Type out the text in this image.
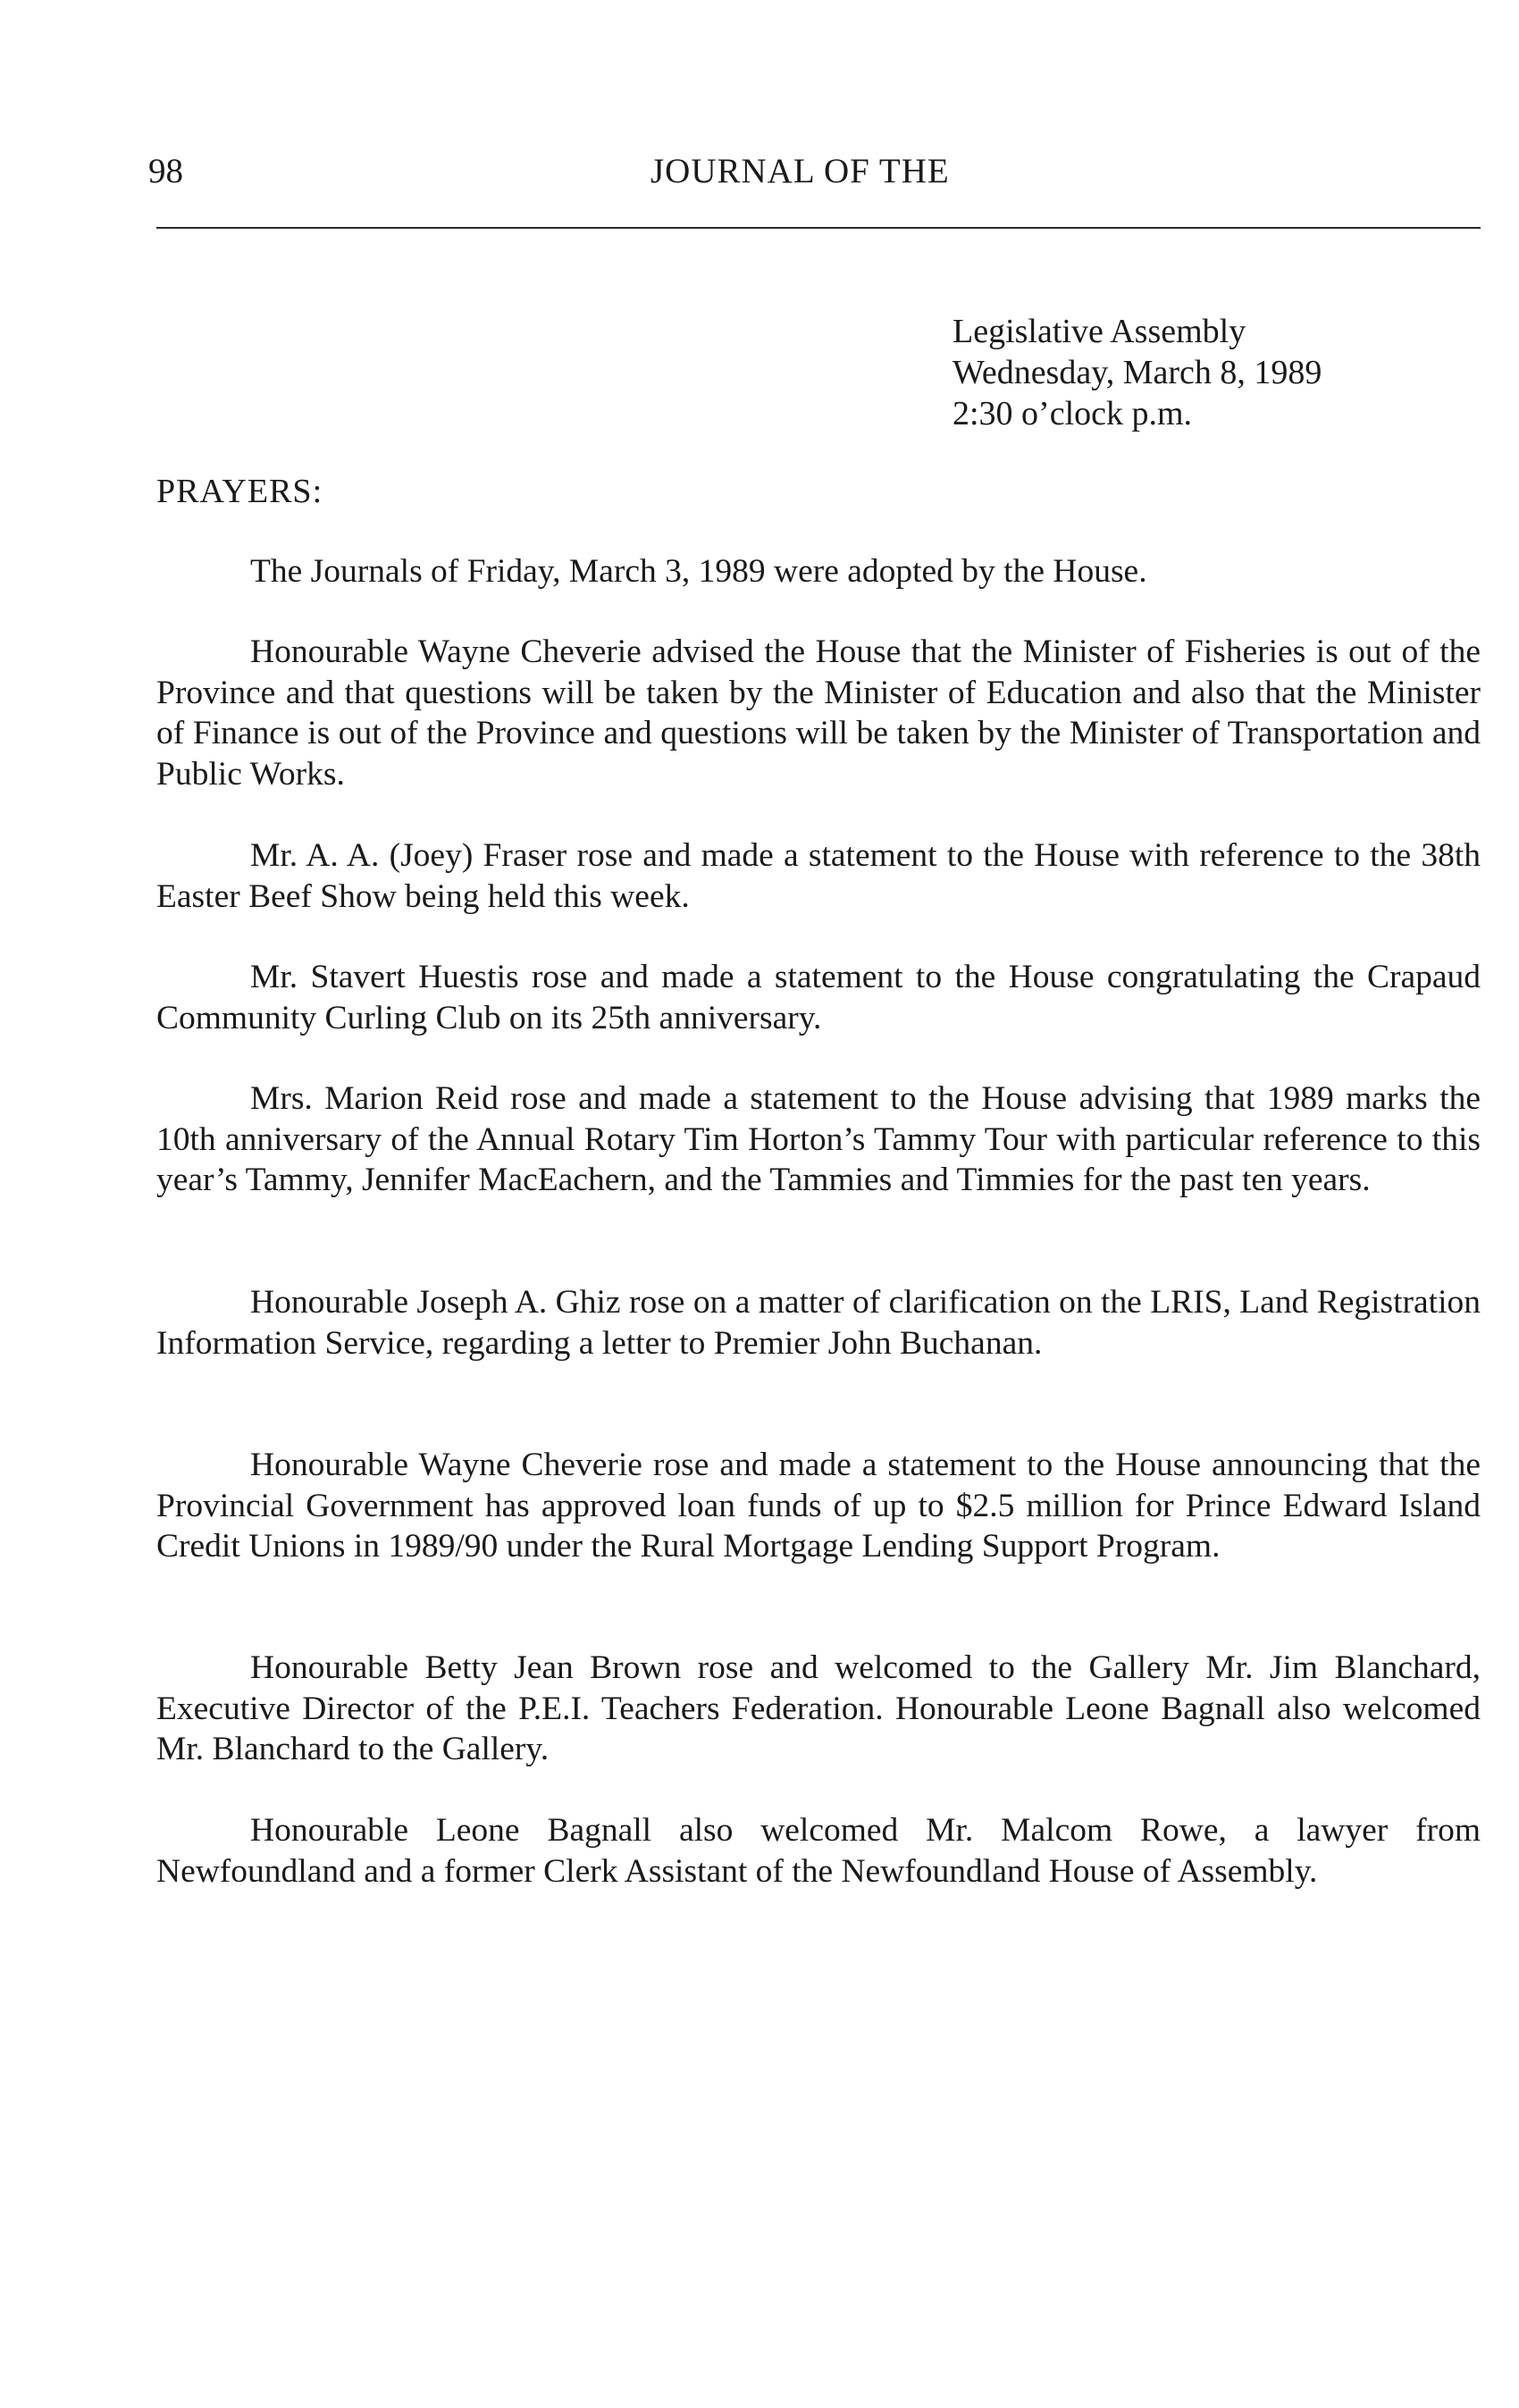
98	JOURNAL OF THE
Legislative Assembly
Wednesday, March 8, 1989
2:30 o’clock p.m.
PRAYERS:

The Journals of Friday, March 3, 1989 were adopted by the House.

Honourable Wayne Cheverie advised the House that the Minister of Fisheries is out of the Province and that questions will be taken by the Minister of Education and also that the Minister of Finance is out of the Province and questions will be taken by the Minister of Transportation and Public Works.

Mr. A. A. (Joey) Fraser rose and made a statement to the House with reference to the 38th Easter Beef Show being held this week.

Mr. Stavert Huestis rose and made a statement to the House congratulating the Crapaud Community Curling Club on its 25th anniversary.

Mrs. Marion Reid rose and made a statement to the House advising that 1989 marks the 10th anniversary of the Annual Rotary Tim Horton’s Tammy Tour with particular reference to this year’s Tammy, Jennifer MacEachern, and the Tammies and Timmies for the past ten years.

Honourable Joseph A. Ghiz rose on a matter of clarification on the LRIS, Land Registration Information Service, regarding a letter to Premier John Buchanan.

Honourable Wayne Cheverie rose and made a statement to the House announcing that the Provincial Government has approved loan funds of up to $2.5 million for Prince Edward Island Credit Unions in 1989/90 under the Rural Mortgage Lending Support Program.

Honourable Betty Jean Brown rose and welcomed to the Gallery Mr. Jim Blanchard, Executive Director of the P.E.I. Teachers Federation. Honourable Leone Bagnall also welcomed Mr. Blanchard to the Gallery.

Honourable Leone Bagnall also welcomed Mr. Malcom Rowe, a lawyer from Newfoundland and a former Clerk Assistant of the Newfoundland House of Assembly.
